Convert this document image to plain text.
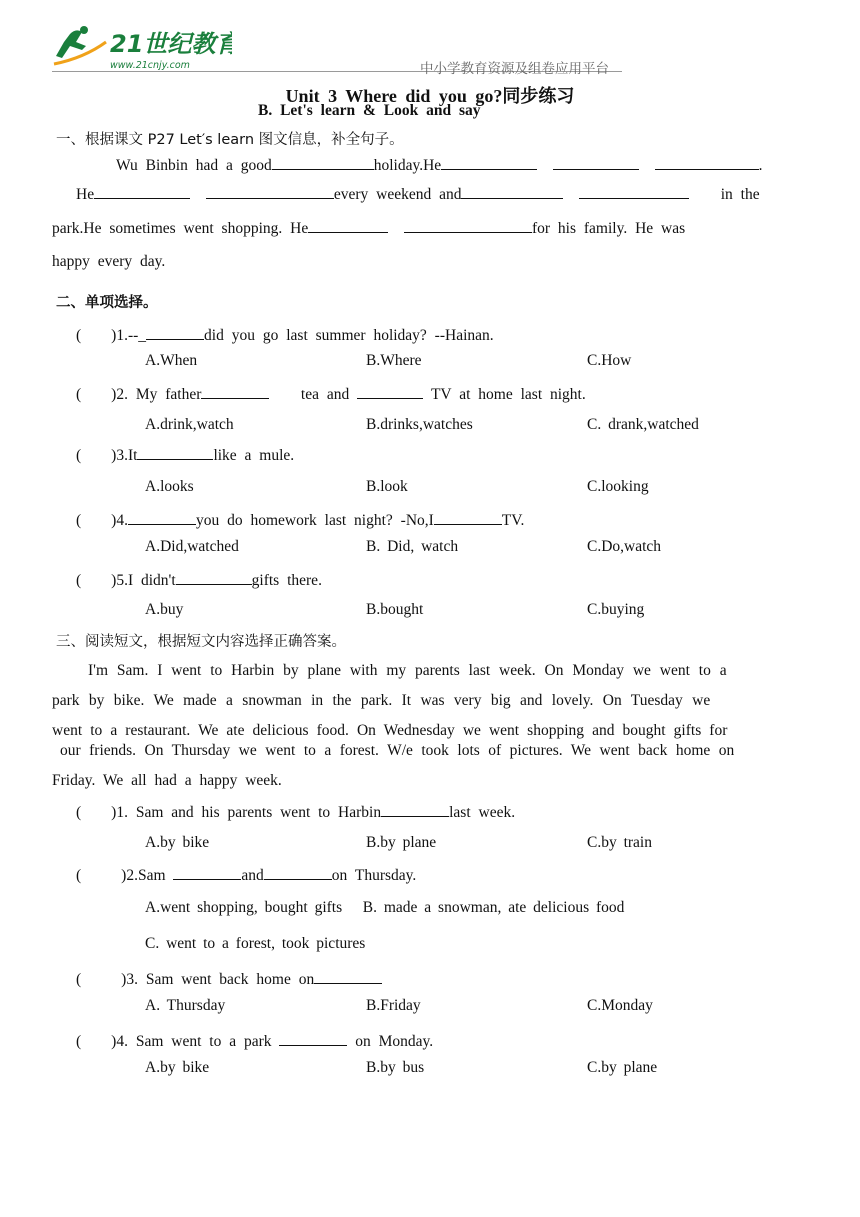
21世纪教育
www.21cnjy.com	中小学教育资源及组卷应用平台
Unit 3 Where did you go?同步练习
B. Let's learn & Look and say
一、根据课文 P27 Let′s learn 图文信息，补全句子。
Wu Binbin had a good	holiday.He	.
He	every weekend and	in the
park.He sometimes went shopping. He	for his family. He was
happy every day.
二、单项选择。
( )1.--_	did you go last summer holiday? --Hainan.
A.When	B.Where	C.How
( )2. My father	tea and	TV at home last night.
A.drink,watch	B.drinks,watches	C. drank,watched
( )3.It	like a mule.
A.looks	B.look	C.looking
( )4.	you do homework last night? -No,I	TV.
A.Did,watched	B. Did, watch	C.Do,watch
( )5.I didn't	gifts there.
A.buy	B.bought	C.buying
三、阅读短文，根据短文内容选择正确答案。
I'm Sam. I went to Harbin by plane with my parents last week. On Monday we went to a
park by bike. We made a snowman in the park. It was very big and lovely. On Tuesday we
went to a restaurant. We ate delicious food. On Wednesday we went shopping and bought gifts for
our friends. On Thursday we went to a forest. W/e took lots of pictures. We went back home on
Friday. We all had a happy week.
( )1. Sam and his parents went to Harbin	last week.
A.by bike	B.by plane	C.by train
(	)2.Sam	and	on Thursday.
A.went shopping, bought gifts   B. made a snowman, ate delicious food
C. went to a forest, took pictures
(	)3. Sam went back home on
A. Thursday	B.Friday	C.Monday
( )4. Sam went to a park	on Monday.
A.by bike	B.by bus	C.by plane
